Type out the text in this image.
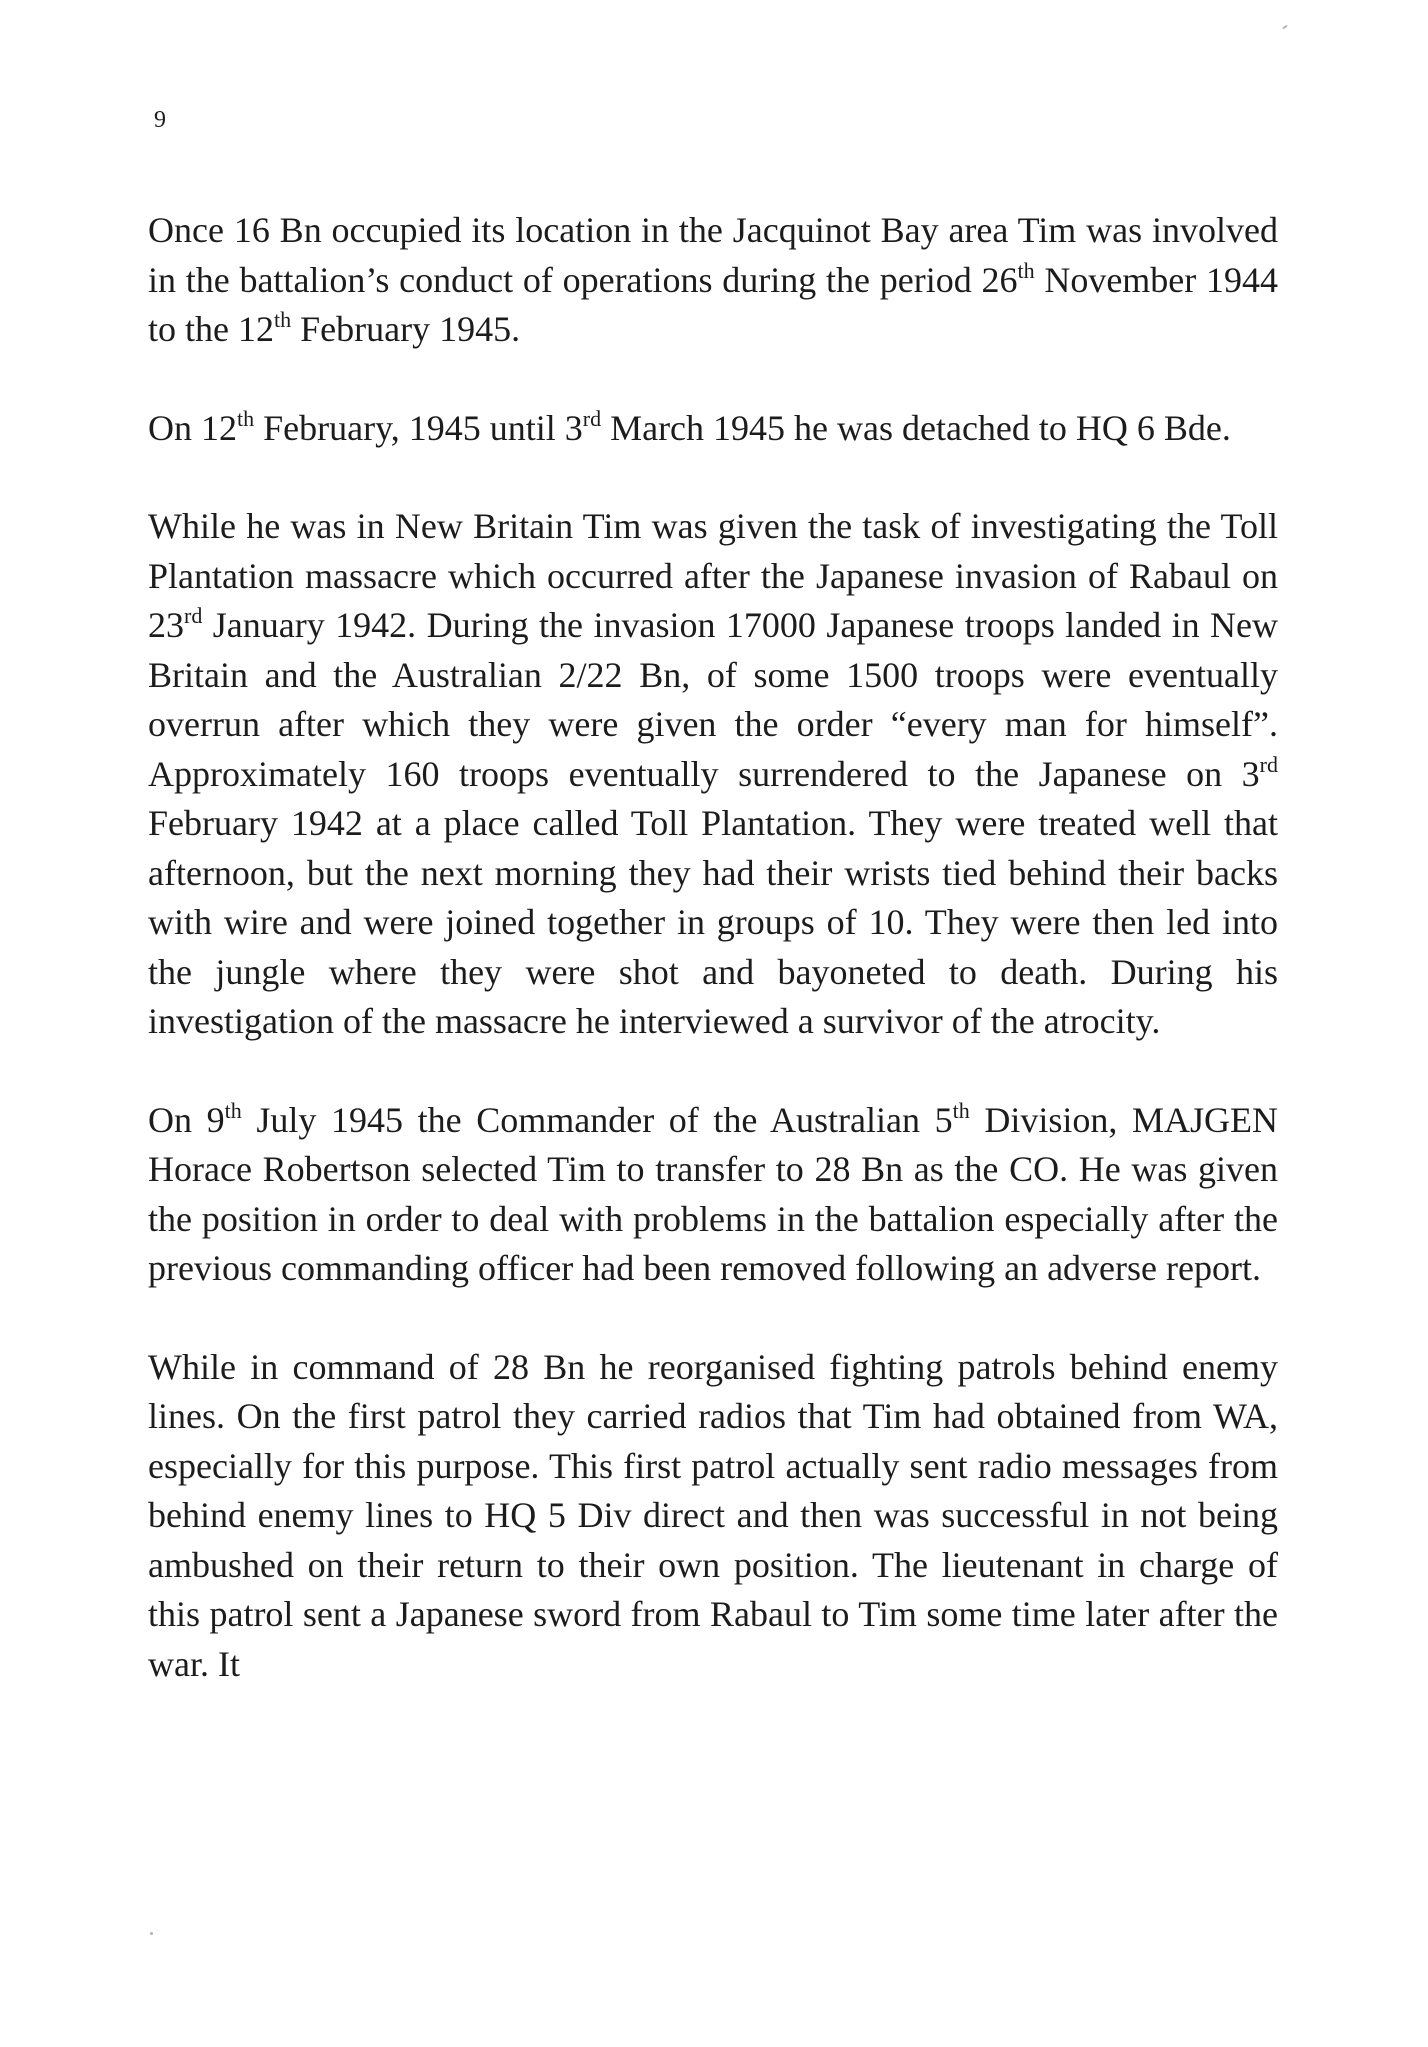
9

Once 16 Bn occupied its location in the Jacquinot Bay area Tim was involved in the battalion’s conduct of operations during the period 26th November 1944 to the 12th February 1945.

On 12th February, 1945 until 3rd March 1945 he was detached to HQ 6 Bde.

While he was in New Britain Tim was given the task of investigating the Toll Plantation massacre which occurred after the Japanese invasion of Rabaul on 23rd January 1942. During the invasion 17000 Japanese troops landed in New Britain and the Australian 2/22 Bn, of some 1500 troops were eventually overrun after which they were given the order “every man for himself”. Approximately 160 troops eventually surrendered to the Japanese on 3rd February 1942 at a place called Toll Plantation. They were treated well that afternoon, but the next morning they had their wrists tied behind their backs with wire and were joined together in groups of 10. They were then led into the jungle where they were shot and bayoneted to death. During his investigation of the massacre he interviewed a survivor of the atrocity.

On 9th July 1945 the Commander of the Australian 5th Division, MAJGEN Horace Robertson selected Tim to transfer to 28 Bn as the CO. He was given the position in order to deal with problems in the battalion especially after the previous commanding officer had been removed following an adverse report.

While in command of 28 Bn he reorganised fighting patrols behind enemy lines. On the first patrol they carried radios that Tim had obtained from WA, especially for this purpose. This first patrol actually sent radio messages from behind enemy lines to HQ 5 Div direct and then was successful in not being ambushed on their return to their own position. The lieutenant in charge of this patrol sent a Japanese sword from Rabaul to Tim some time later after the war. It
